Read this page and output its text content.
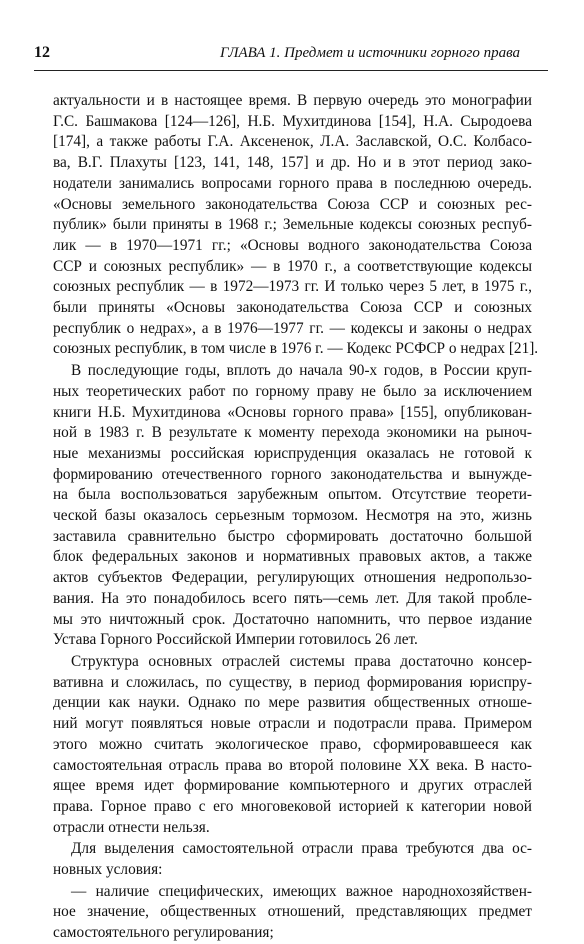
12	ГЛАВА 1. Предмет и источники горного права
актуальности и в настоящее время. В первую очередь это монографии
Г.С. Башмакова [124—126], Н.Б. Мухитдинова [154], Н.А. Сыродоева
[174], а также работы Г.А. Аксененок, Л.А. Заславской, О.С. Колбасо-
ва, В.Г. Плахуты [123, 141, 148, 157] и др. Но и в этот период зако-
нодатели занимались вопросами горного права в последнюю очередь.
«Основы земельного законодательства Союза ССР и союзных рес-
публик» были приняты в 1968 г.; Земельные кодексы союзных респуб-
лик — в 1970—1971 гг.; «Основы водного законодательства Союза
ССР и союзных республик» — в 1970 г., а соответствующие кодексы
союзных республик — в 1972—1973 гг. И только через 5 лет, в 1975 г.,
были приняты «Основы законодательства Союза ССР и союзных
республик о недрах», а в 1976—1977 гг. — кодексы и законы о недрах
союзных республик, в том числе в 1976 г. — Кодекс РСФСР о недрах [21].
В последующие годы, вплоть до начала 90-х годов, в России круп-
ных теоретических работ по горному праву не было за исключением
книги Н.Б. Мухитдинова «Основы горного права» [155], опубликован-
ной в 1983 г. В результате к моменту перехода экономики на рыноч-
ные механизмы российская юриспруденция оказалась не готовой к
формированию отечественного горного законодательства и вынужде-
на была воспользоваться зарубежным опытом. Отсутствие теорети-
ческой базы оказалось серьезным тормозом. Несмотря на это, жизнь
заставила сравнительно быстро сформировать достаточно большой
блок федеральных законов и нормативных правовых актов, а также
актов субъектов Федерации, регулирующих отношения недропользо-
вания. На это понадобилось всего пять—семь лет. Для такой пробле-
мы это ничтожный срок. Достаточно напомнить, что первое издание
Устава Горного Российской Империи готовилось 26 лет.
Структура основных отраслей системы права достаточно консер-
вативна и сложилась, по существу, в период формирования юриспру-
денции как науки. Однако по мере развития общественных отноше-
ний могут появляться новые отрасли и подотрасли права. Примером
этого можно считать экологическое право, сформировавшееся как
самостоятельная отрасль права во второй половине XX века. В насто-
ящее время идет формирование компьютерного и других отраслей
права. Горное право с его многовековой историей к категории новой
отрасли отнести нельзя.
Для выделения самостоятельной отрасли права требуются два ос-
новных условия:
— наличие специфических, имеющих важное народнохозяйствен-
ное значение, общественных отношений, представляющих предмет
самостоятельного регулирования;
